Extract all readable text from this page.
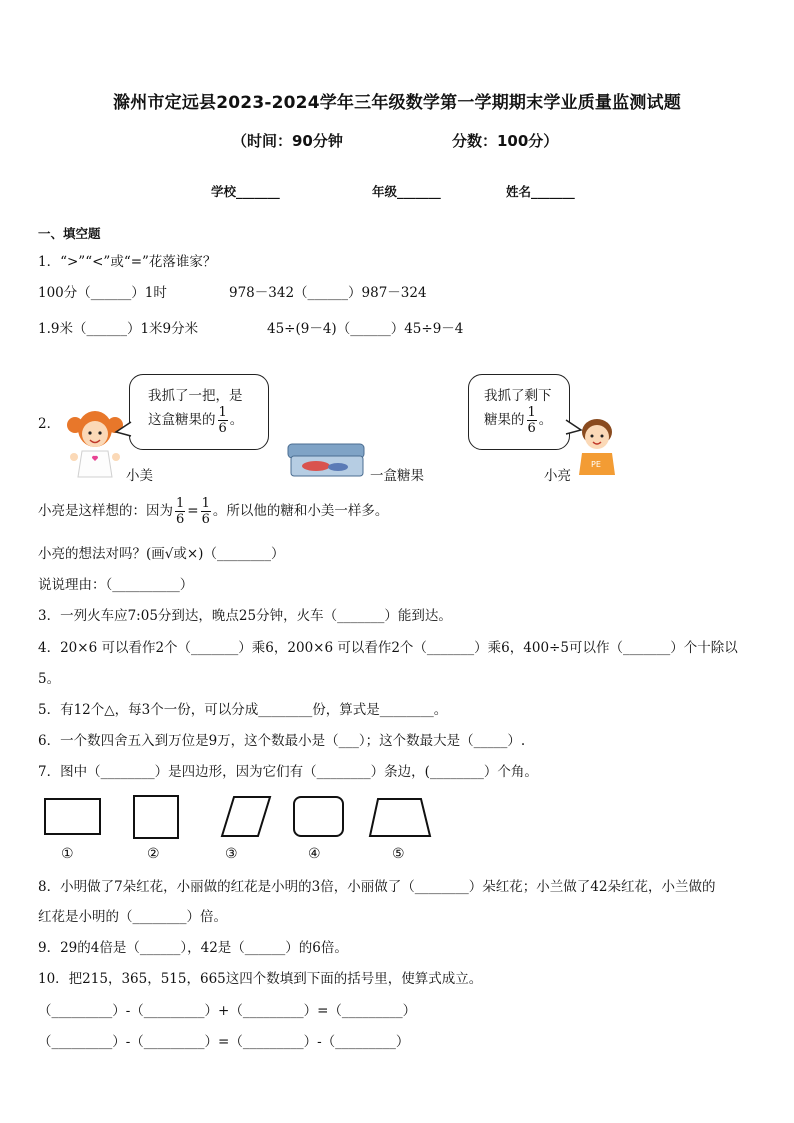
滁州市定远县2023-2024学年三年级数学第一学期期末学业质量监测试题
（时间：90分钟	分数：100分）
学校_______	年级_______	姓名_______
一、填空题
1．“>”“<”或“=”花落谁家？
100分（______）1时	978－342（______）987－324
1.9米（______）1米9分米	45÷(9－4)（______）45÷9－4
2．
我抓了一把，是
这盒糖果的 $\frac{1}{6}$ 。
小美	一盒糖果
我抓了剩下
糖果的 $\frac{1}{6}$ 。
PE
小亮
小亮是这样想的：因为 $\frac{1}{6} = \frac{1}{6}$ 。所以他的糖和小美一样多。
小亮的想法对吗？(画√或×)（________）
说说理由：（__________）
3．一列火车应7:05分到达，晚点25分钟，火车（_______）能到达。
4．20×6 可以看作2个（_______）乘6，200×6 可以看作2个（_______）乘6，400÷5可以作（_______）个十除以
5。
5．有12个△，每3个一份，可以分成________份，算式是________。
6．一个数四舍五入到万位是9万，这个数最小是（___）；这个数最大是（_____）.
7．图中（________）是四边形，因为它们有（________）条边，(________）个角。
①	②	③	④	⑤
8．小明做了7朵红花，小丽做的红花是小明的3倍，小丽做了（________）朵红花；小兰做了42朵红花，小兰做的
红花是小明的（________）倍。
9．29的4倍是（______），42是（______）的6倍。
10．把215，365，515，665这四个数填到下面的括号里，使算式成立。
（_________）-（_________）+（_________）=（_________）
（_________）-（_________）=（_________）-（_________）
